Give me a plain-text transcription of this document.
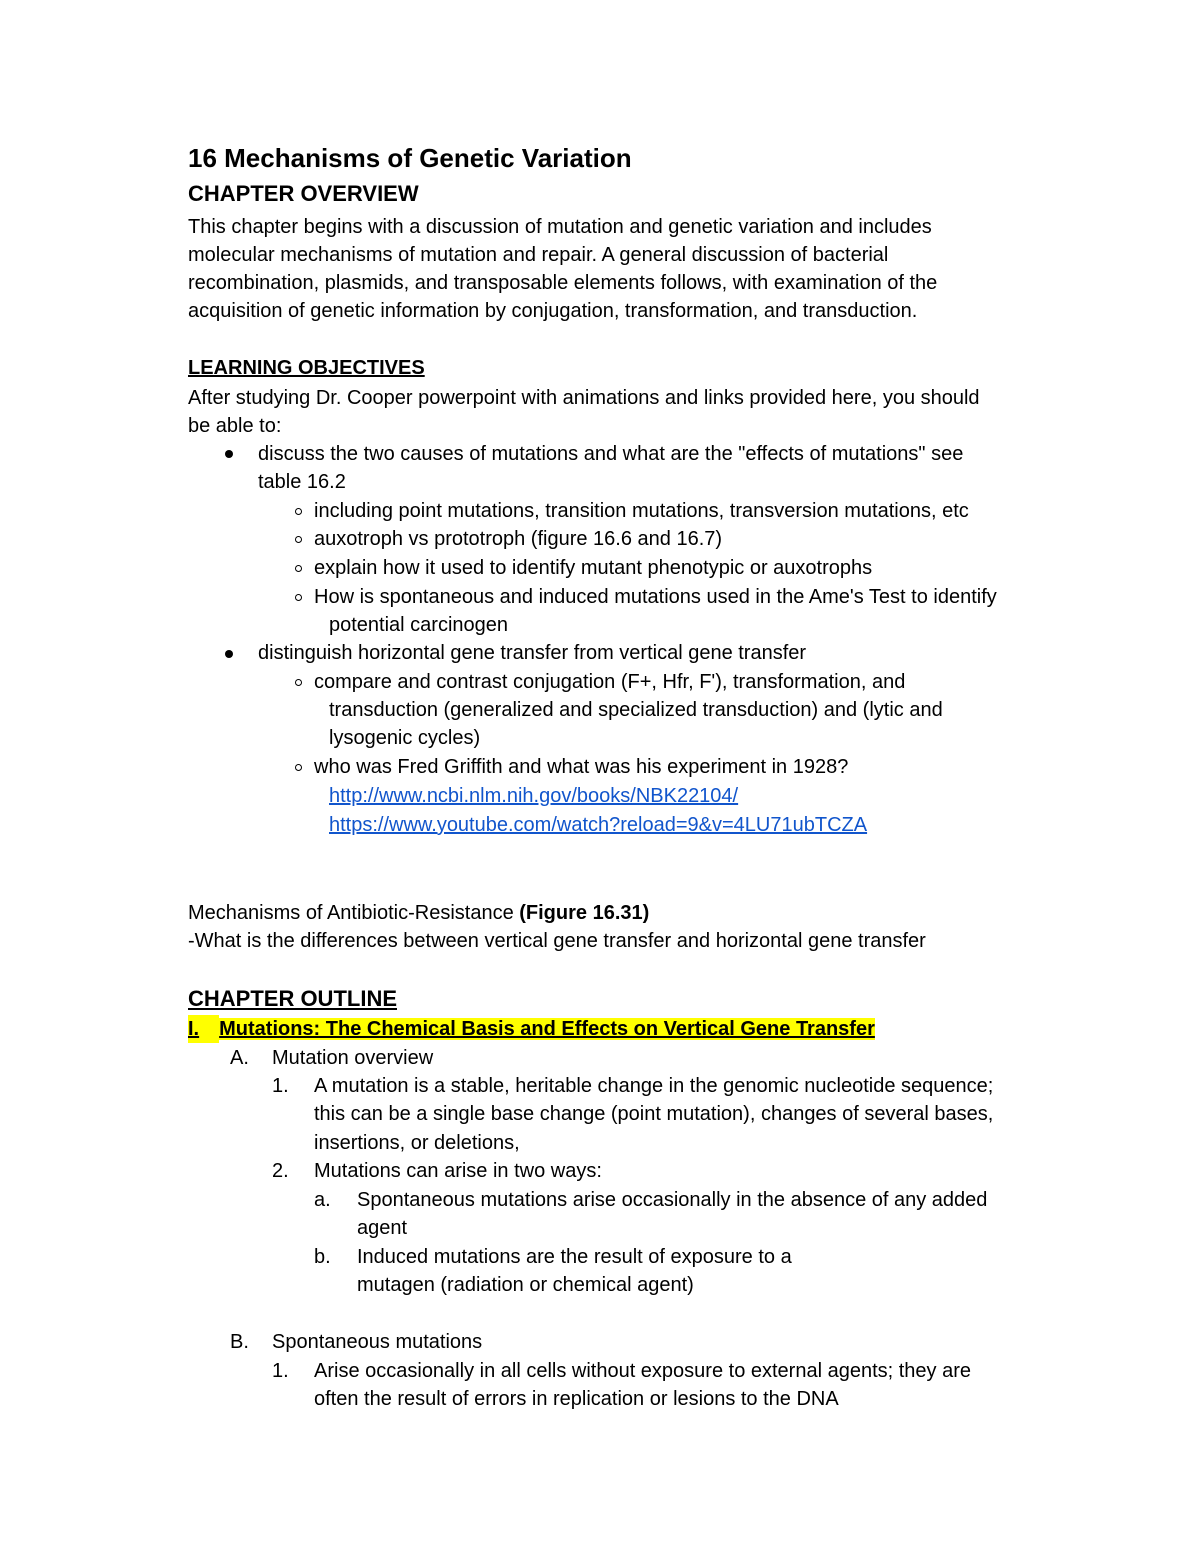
16 Mechanisms of Genetic Variation
CHAPTER OVERVIEW
This chapter begins with a discussion of mutation and genetic variation and includes
molecular mechanisms of mutation and repair. A general discussion of bacterial
recombination, plasmids, and transposable elements follows, with examination of the
acquisition of genetic information by conjugation, transformation, and transduction.
LEARNING OBJECTIVES
After studying Dr. Cooper powerpoint with animations and links provided here, you should
be able to:
discuss the two causes of mutations and what are the "effects of mutations" see
table 16.2
including point mutations, transition mutations, transversion mutations, etc
auxotroph vs prototroph (figure 16.6 and 16.7)
explain how it used to identify mutant phenotypic or auxotrophs
How is spontaneous and induced mutations used in the Ame's Test to identify
potential carcinogen
distinguish horizontal gene transfer from vertical gene transfer
compare and contrast conjugation (F+, Hfr, F'), transformation, and
transduction (generalized and specialized transduction) and (lytic and
lysogenic cycles)
who was Fred Griffith and what was his experiment in 1928?
http://www.ncbi.nlm.nih.gov/books/NBK22104/
https://www.youtube.com/watch?reload=9&v=4LU71ubTCZA
Mechanisms of Antibiotic-Resistance (Figure 16.31)
-What is the differences between vertical gene transfer and horizontal gene transfer
CHAPTER OUTLINE
I. Mutations: The Chemical Basis and Effects on Vertical Gene Transfer
A. Mutation overview
1. A mutation is a stable, heritable change in the genomic nucleotide sequence;
this can be a single base change (point mutation), changes of several bases,
insertions, or deletions,
2. Mutations can arise in two ways:
a. Spontaneous mutations arise occasionally in the absence of any added
agent
b. Induced mutations are the result of exposure to a
mutagen (radiation or chemical agent)
B. Spontaneous mutations
1. Arise occasionally in all cells without exposure to external agents; they are
often the result of errors in replication or lesions to the DNA
